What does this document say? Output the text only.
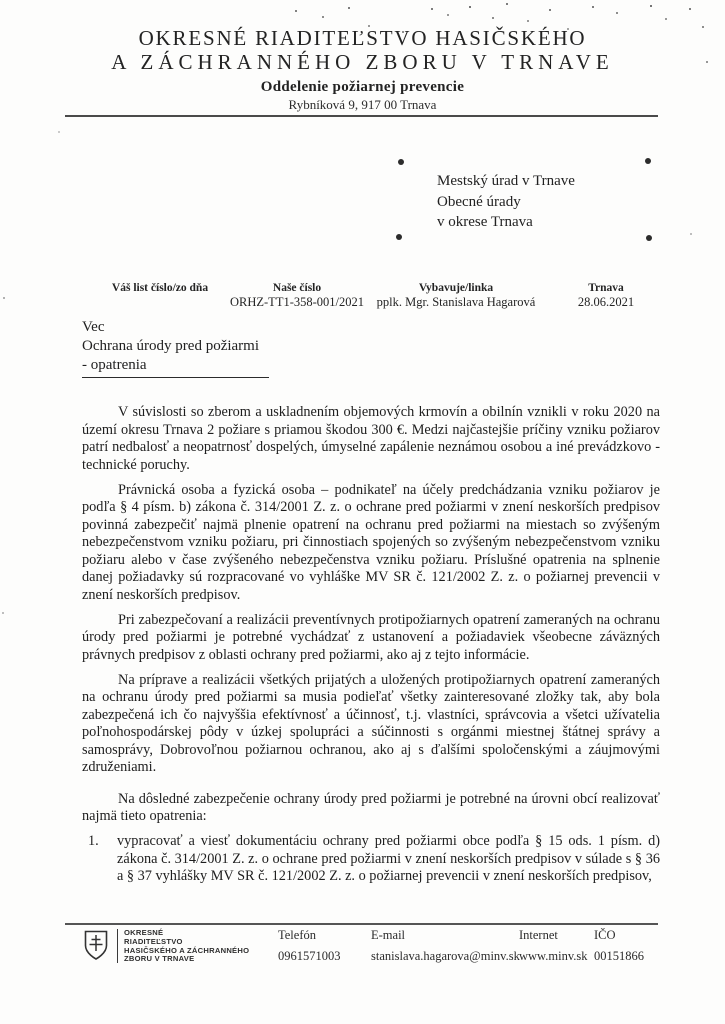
OKRESNÉ RIADITEĽSTVO HASIČSKÉHO
A ZÁCHRANNÉHO ZBORU V TRNAVE
Oddelenie požiarnej prevencie
Rybníková 9, 917 00 Trnava
Mestský úrad v Trnave
Obecné úrady
v okrese Trnava
Váš list číslo/zo dňa	Naše číslo
ORHZ-TT1-358-001/2021
Vybavuje/linka
pplk. Mgr. Stanislava Hagarová
Trnava
28.06.2021
Vec
Ochrana úrody pred požiarmi
- opatrenia

V súvislosti so zberom a uskladnením objemových krmovín a obilnín vznikli v roku 2020 na území okresu Trnava 2 požiare s priamou škodou 300 €. Medzi najčastejšie príčiny vzniku požiarov patrí nedbalosť a neopatrnosť dospelých, úmyselné zapálenie neznámou osobou a iné prevádzkovo - technické poruchy.

Právnická osoba a fyzická osoba – podnikateľ na účely predchádzania vzniku požiarov je podľa § 4 písm. b) zákona č. 314/2001 Z. z. o ochrane pred požiarmi v znení neskorších predpisov povinná zabezpečiť najmä plnenie opatrení na ochranu pred požiarmi na miestach so zvýšeným nebezpečenstvom vzniku požiaru, pri činnostiach spojených so zvýšeným nebezpečenstvom vzniku požiaru alebo v čase zvýšeného nebezpečenstva vzniku požiaru. Príslušné opatrenia na splnenie danej požiadavky sú rozpracované vo vyhláške MV SR č. 121/2002 Z. z. o požiarnej prevencii v znení neskorších predpisov.

Pri zabezpečovaní a realizácii preventívnych protipožiarnych opatrení zameraných na ochranu úrody pred požiarmi je potrebné vychádzať z ustanovení a požiadaviek všeobecne záväzných právnych predpisov z oblasti ochrany pred požiarmi, ako aj z tejto informácie.

Na príprave a realizácii všetkých prijatých a uložených protipožiarnych opatrení zameraných na ochranu úrody pred požiarmi sa musia podieľať všetky zainteresované zložky tak, aby bola zabezpečená ich čo najvyššia efektívnosť a účinnosť, t.j. vlastníci, správcovia a všetci užívatelia poľnohospodárskej pôdy v úzkej spolupráci a súčinnosti s orgánmi miestnej štátnej správy a samosprávy, Dobrovoľnou požiarnou ochranou, ako aj s ďalšími spoločenskými a záujmovými združeniami.

Na dôsledné zabezpečenie ochrany úrody pred požiarmi je potrebné na úrovni obcí realizovať najmä tieto opatrenia:

1.	vypracovať a viesť dokumentáciu ochrany pred požiarmi obce podľa § 15 ods. 1 písm. d) zákona č. 314/2001 Z. z. o ochrane pred požiarmi v znení neskorších predpisov v súlade s § 36 a § 37 vyhlášky MV SR č. 121/2002 Z. z. o požiarnej prevencii v znení neskorších predpisov,
OKRESNÉ
RIADITEĽSTVO
HASIČSKÉHO A ZÁCHRANNÉHO
ZBORU V TRNAVE
Telefón
0961571003
E-mail
stanislava.hagarova@minv.sk
Internet
www.minv.sk
IČO
00151866
